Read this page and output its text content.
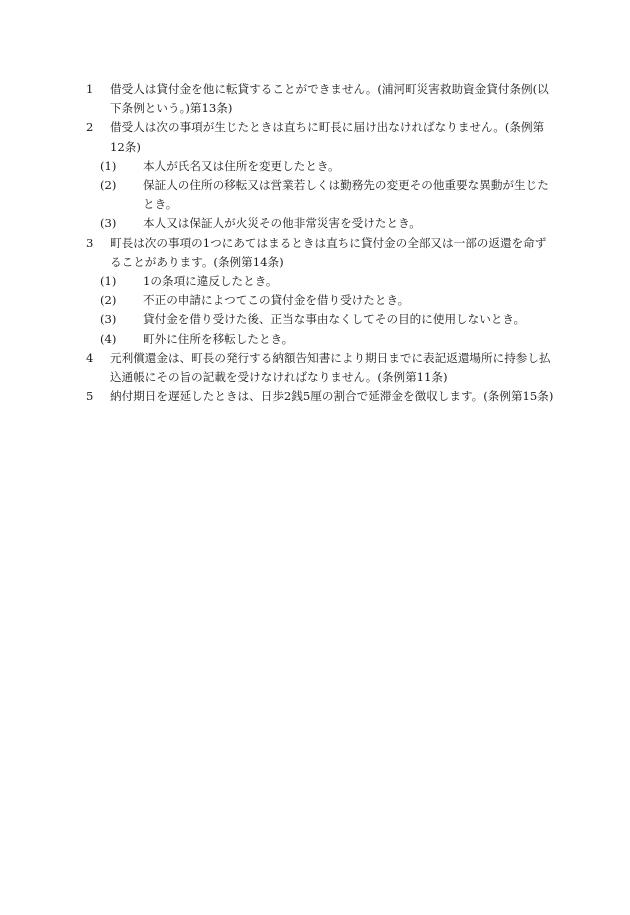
1	借受人は貸付金を他に転貸することができません。(浦河町災害救助資金貸付条例(以下条例という。)第13条)
2	借受人は次の事項が生じたときは直ちに町長に届け出なければなりません。(条例第12条)
(1)	本人が氏名又は住所を変更したとき。
(2)	保証人の住所の移転又は営業若しくは勤務先の変更その他重要な異動が生じたとき。
(3)	本人又は保証人が火災その他非常災害を受けたとき。
3	町長は次の事項の1つにあてはまるときは直ちに貸付金の全部又は一部の返還を命ずることがあります。(条例第14条)
(1)	1の条項に違反したとき。
(2)	不正の申請によつてこの貸付金を借り受けたとき。
(3)	貸付金を借り受けた後、正当な事由なくしてその目的に使用しないとき。
(4)	町外に住所を移転したとき。
4	元利償還金は、町長の発行する納額告知書により期日までに表記返還場所に持参し払込通帳にその旨の記載を受けなければなりません。(条例第11条)
5	納付期日を遅延したときは、日歩2銭5厘の割合で延滞金を徴収します。(条例第15条)
